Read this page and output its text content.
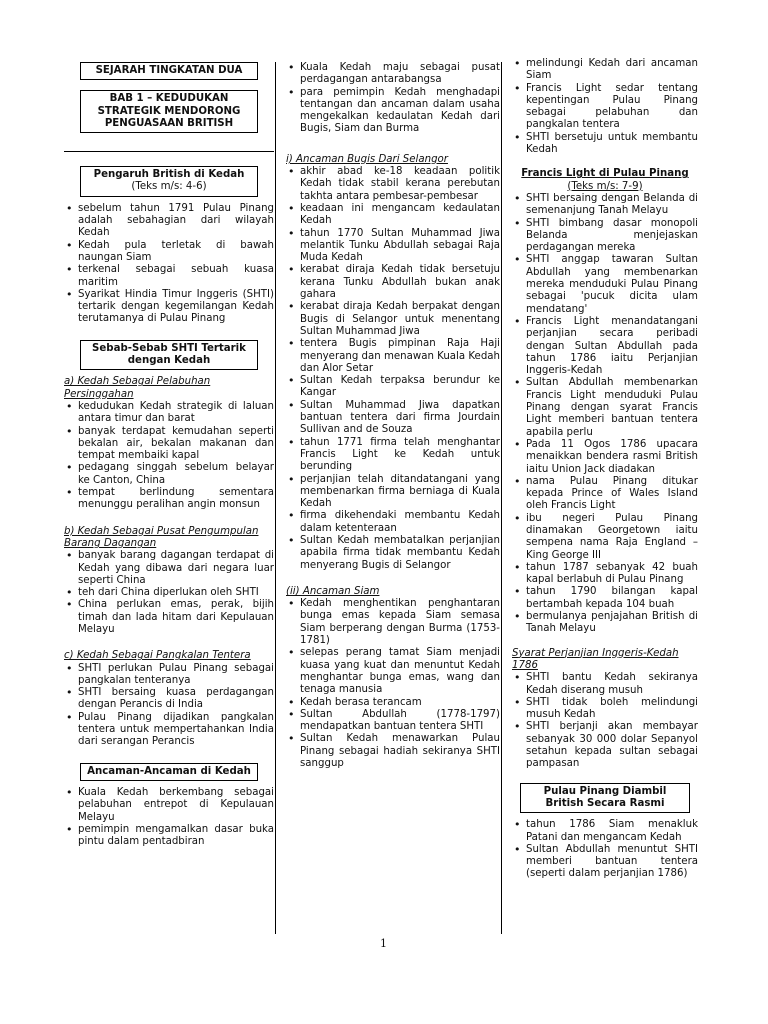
SEJARAH TINGKATAN DUA
BAB 1 – KEDUDUKAN STRATEGIK MENDORONG PENGUASAAN BRITISH
Pengaruh British di Kedah
(Teks m/s: 4-6)
• sebelum tahun 1791 Pulau Pinang adalah sebahagian dari wilayah Kedah
• Kedah pula terletak di bawah naungan Siam
• terkenal sebagai sebuah kuasa maritim
• Syarikat Hindia Timur Inggeris (SHTI) tertarik dengan kegemilangan Kedah terutamanya di Pulau Pinang
Sebab-Sebab SHTI Tertarik dengan Kedah
a) Kedah Sebagai Pelabuhan Persinggahan
• kedudukan Kedah strategik di laluan antara timur dan barat
• banyak terdapat kemudahan seperti bekalan air, bekalan makanan dan tempat membaiki kapal
• pedagang singgah sebelum belayar ke Canton, China
• tempat berlindung sementara menunggu peralihan angin monsun
b) Kedah Sebagai Pusat Pengumpulan Barang Dagangan
• banyak barang dagangan terdapat di Kedah yang dibawa dari negara luar seperti China
• teh dari China diperlukan oleh SHTI
• China perlukan emas, perak, bijih timah dan lada hitam dari Kepulauan Melayu
c) Kedah Sebagai Pangkalan Tentera
• SHTI perlukan Pulau Pinang sebagai pangkalan tenteranya
• SHTI bersaing kuasa perdagangan dengan Perancis di India
• Pulau Pinang dijadikan pangkalan tentera untuk mempertahankan India dari serangan Perancis
Ancaman-Ancaman di Kedah
• Kuala Kedah berkembang sebagai pelabuhan entrepot di Kepulauan Melayu
• pemimpin mengamalkan dasar buka pintu dalam pentadbiran
• Kuala Kedah maju sebagai pusat perdagangan antarabangsa
• para pemimpin Kedah menghadapi tentangan dan ancaman dalam usaha mengekalkan kedaulatan Kedah dari Bugis, Siam dan Burma
i) Ancaman Bugis Dari Selangor
• akhir abad ke-18 keadaan politik Kedah tidak stabil kerana perebutan takhta antara pembesar-pembesar
• keadaan ini mengancam kedaulatan Kedah
• tahun 1770 Sultan Muhammad Jiwa melantik Tunku Abdullah sebagai Raja Muda Kedah
• kerabat diraja Kedah tidak bersetuju kerana Tunku Abdullah bukan anak gahara
• kerabat diraja Kedah berpakat dengan Bugis di Selangor untuk menentang Sultan Muhammad Jiwa
• tentera Bugis pimpinan Raja Haji menyerang dan menawan Kuala Kedah dan Alor Setar
• Sultan Kedah terpaksa berundur ke Kangar
• Sultan Muhammad Jiwa dapatkan bantuan tentera dari firma Jourdain Sullivan and de Souza
• tahun 1771 firma telah menghantar Francis Light ke Kedah untuk berunding
• perjanjian telah ditandatangani yang membenarkan firma berniaga di Kuala Kedah
• firma dikehendaki membantu Kedah dalam ketenteraan
• Sultan Kedah membatalkan perjanjian apabila firma tidak membantu Kedah menyerang Bugis di Selangor
(ii) Ancaman Siam
• Kedah menghentikan penghantaran bunga emas kepada Siam semasa Siam berperang dengan Burma (1753-1781)
• selepas perang tamat Siam menjadi kuasa yang kuat dan menuntut Kedah menghantar bunga emas, wang dan tenaga manusia
• Kedah berasa terancam
• Sultan Abdullah (1778-1797) mendapatkan bantuan tentera SHTI
• Sultan Kedah menawarkan Pulau Pinang sebagai hadiah sekiranya SHTI sanggup
• melindungi Kedah dari ancaman Siam
• Francis Light sedar tentang kepentingan Pulau Pinang sebagai pelabuhan dan pangkalan tentera
• SHTI bersetuju untuk membantu Kedah
Francis Light di Pulau Pinang
(Teks m/s: 7-9)
• SHTI bersaing dengan Belanda di semenanjung Tanah Melayu
• SHTI bimbang dasar monopoli Belanda menjejaskan perdagangan mereka
• SHTI anggap tawaran Sultan Abdullah yang membenarkan mereka menduduki Pulau Pinang sebagai 'pucuk dicita ulam mendatang'
• Francis Light menandatangani perjanjian secara peribadi dengan Sultan Abdullah pada tahun 1786 iaitu Perjanjian Inggeris-Kedah
• Sultan Abdullah membenarkan Francis Light menduduki Pulau Pinang dengan syarat Francis Light memberi bantuan tentera apabila perlu
• Pada 11 Ogos 1786 upacara menaikkan bendera rasmi British iaitu Union Jack diadakan
• nama Pulau Pinang ditukar kepada Prince of Wales Island oleh Francis Light
• ibu negeri Pulau Pinang dinamakan Georgetown iaitu sempena nama Raja England – King George III
• tahun 1787 sebanyak 42 buah kapal berlabuh di Pulau Pinang
• tahun 1790 bilangan kapal bertambah kepada 104 buah
• bermulanya penjajahan British di Tanah Melayu
Syarat Perjanjian Inggeris-Kedah 1786
• SHTI bantu Kedah sekiranya Kedah diserang musuh
• SHTI tidak boleh melindungi musuh Kedah
• SHTI berjanji akan membayar sebanyak 30 000 dolar Sepanyol setahun kepada sultan sebagai pampasan
Pulau Pinang Diambil British Secara Rasmi
• tahun 1786 Siam menakluk Patani dan mengancam Kedah
• Sultan Abdullah menuntut SHTI memberi bantuan tentera (seperti dalam perjanjian 1786)
1
